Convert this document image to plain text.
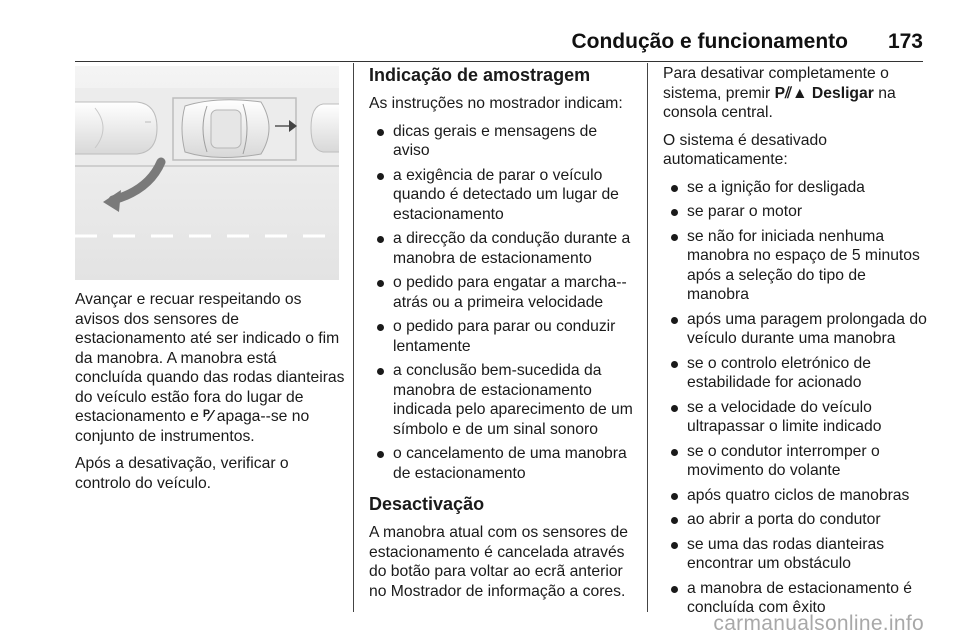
Condução e funcionamento 173

Avançar e recuar respeitando os avisos dos sensores de estacionamento até ser indicado o fim da manobra. A manobra está concluída quando das rodas dianteiras do veículo estão fora do lugar de estacionamento e ᴾ⁄ apaga--se no conjunto de instrumentos.

Após a desativação, verificar o controlo do veículo.

Indicação de amostragem

As instruções no mostrador indicam:

dicas gerais e mensagens de aviso
a exigência de parar o veículo quando é detectado um lugar de estacionamento
a direcção da condução durante a manobra de estacionamento
o pedido para engatar a marcha--atrás ou a primeira velocidade
o pedido para parar ou conduzir lentamente
a conclusão bem-sucedida da manobra de estacionamento indicada pelo aparecimento de um símbolo e de um sinal sonoro
o cancelamento de uma manobra de estacionamento
Desactivação

A manobra atual com os sensores de estacionamento é cancelada através do botão para voltar ao ecrã anterior no Mostrador de informação a cores.

Para desativar completamente o sistema, premir P⫽▲ Desligar na consola central.

O sistema é desativado automaticamente:

se a ignição for desligada
se parar o motor
se não for iniciada nenhuma manobra no espaço de 5 minutos após a seleção do tipo de manobra
após uma paragem prolongada do veículo durante uma manobra
se o controlo eletrónico de estabilidade for acionado
se a velocidade do veículo ultrapassar o limite indicado
se o condutor interromper o movimento do volante
após quatro ciclos de manobras
ao abrir a porta do condutor
se uma das rodas dianteiras encontrar um obstáculo
a manobra de estacionamento é concluída com êxito
carmanualsonline.info
